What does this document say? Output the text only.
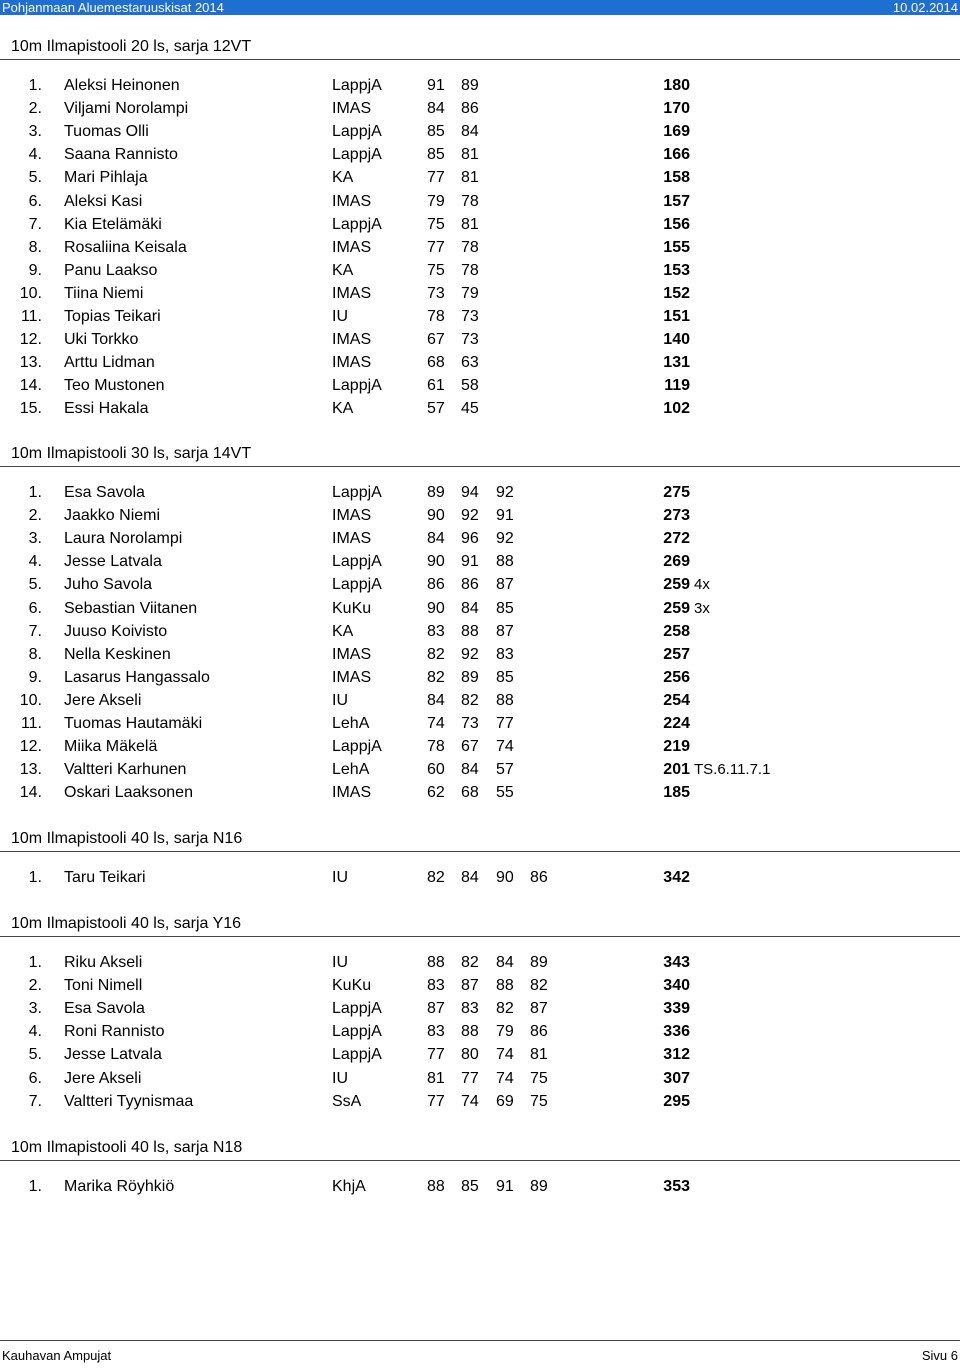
Pohjanmaan Aluemestaruuskisat 2014	10.02.2014
10m Ilmapistooli 20 ls, sarja 12VT
1. Aleksi Heinonen	LappjA	91 89	180
2. Viljami Norolampi	IMAS	84 86	170
3. Tuomas Olli	LappjA	85 84	169
4. Saana Rannisto	LappjA	85 81	166
5. Mari Pihlaja	KA	77 81	158
6. Aleksi Kasi	IMAS	79 78	157
7. Kia Etelämäki	LappjA	75 81	156
8. Rosaliina Keisala	IMAS	77 78	155
9. Panu Laakso	KA	75 78	153
10. Tiina Niemi	IMAS	73 79	152
11. Topias Teikari	IU	78 73	151
12. Uki Torkko	IMAS	67 73	140
13. Arttu Lidman	IMAS	68 63	131
14. Teo Mustonen	LappjA	61 58	119
15. Essi Hakala	KA	57 45	102
10m Ilmapistooli 30 ls, sarja 14VT
1. Esa Savola	LappjA	89 94 92	275
2. Jaakko Niemi	IMAS	90 92 91	273
3. Laura Norolampi	IMAS	84 96 92	272
4. Jesse Latvala	LappjA	90 91 88	269
5. Juho Savola	LappjA	86 86 87	259 4x
6. Sebastian Viitanen	KuKu	90 84 85	259 3x
7. Juuso Koivisto	KA	83 88 87	258
8. Nella Keskinen	IMAS	82 92 83	257
9. Lasarus Hangassalo	IMAS	82 89 85	256
10. Jere Akseli	IU	84 82 88	254
11. Tuomas Hautamäki	LehA	74 73 77	224
12. Miika Mäkelä	LappjA	78 67 74	219
13. Valtteri Karhunen	LehA	60 84 57	201 TS.6.11.7.1
14. Oskari Laaksonen	IMAS	62 68 55	185
10m Ilmapistooli 40 ls, sarja N16
1. Taru Teikari	IU	82 84 90 86	342
10m Ilmapistooli 40 ls, sarja Y16
1. Riku Akseli	IU	88 82 84 89	343
2. Toni Nimell	KuKu	83 87 88 82	340
3. Esa Savola	LappjA	87 83 82 87	339
4. Roni Rannisto	LappjA	83 88 79 86	336
5. Jesse Latvala	LappjA	77 80 74 81	312
6. Jere Akseli	IU	81 77 74 75	307
7. Valtteri Tyynismaa	SsA	77 74 69 75	295
10m Ilmapistooli 40 ls, sarja N18
1. Marika Röyhkiö	KhjA	88 85 91 89	353
Kauhavan Ampujat	Sivu 6
